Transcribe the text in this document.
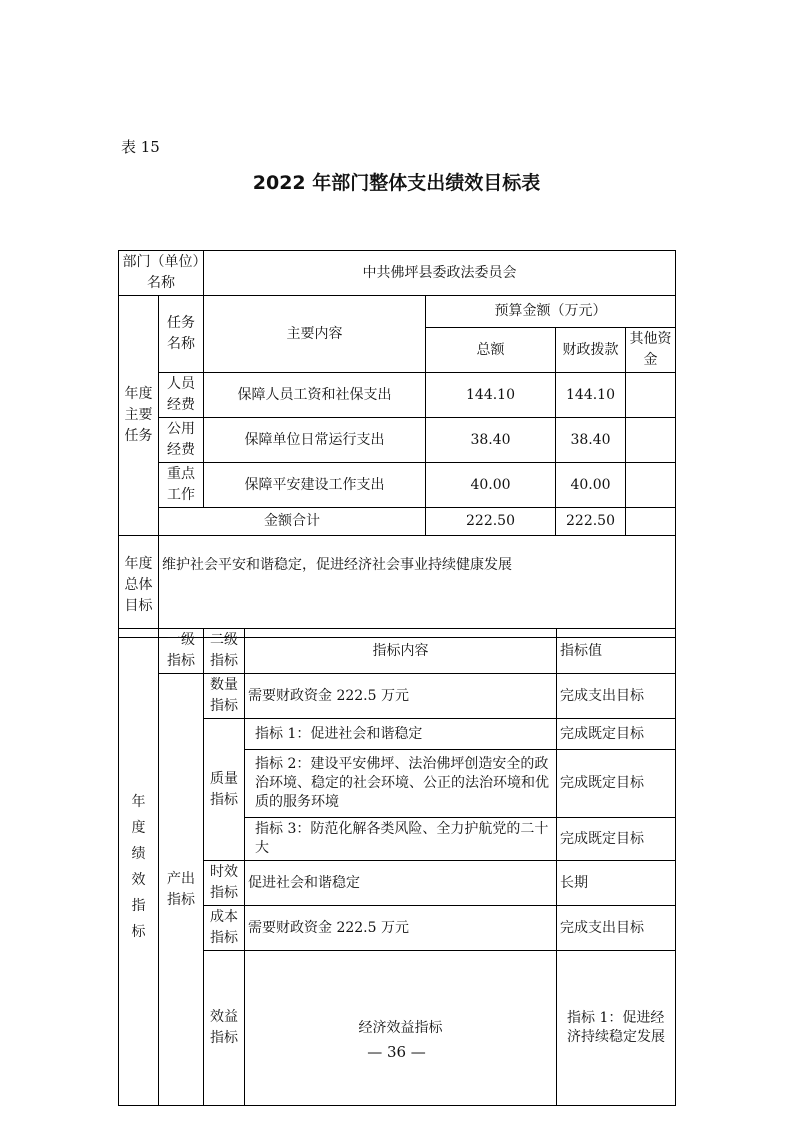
表 15
2022 年部门整体支出绩效目标表
部门（单位）名称		中共佛坪县委政法委员会			
年度主要任务	任务名称	主要内容	预算金额（万元）		
			总额	财政拨款	其他资金
	人员经费	保障人员工资和社保支出	144.10	144.10	
	公用经费	保障单位日常运行支出	38.40	38.40	
	重点工作	保障平安建设工作支出	40.00	40.00	
	金额合计		222.50	222.50	
年度总体目标	维护社会平安和谐稳定，促进经济社会事业持续健康发展				
年度绩效指标	一级指标	二级指标	指标内容	指标值	
	产出指标	数量指标	需要财政资金 222.5 万元	完成支出目标	
		质量指标	指标 1：促进社会和谐稳定	完成既定目标	
			指标 2：建设平安佛坪、法治佛坪创造安全的政治环境、稳定的社会环境、公正的法治环境和优质的服务环境	完成既定目标	
			指标 3：防范化解各类风险、全力护航党的二十大	完成既定目标	
		时效指标	促进社会和谐稳定	长期	
		成本指标	需要财政资金 222.5 万元	完成支出目标	
		效益指标	经济效益指标	指标 1：促进经济持续稳定发展	
— 36 —
